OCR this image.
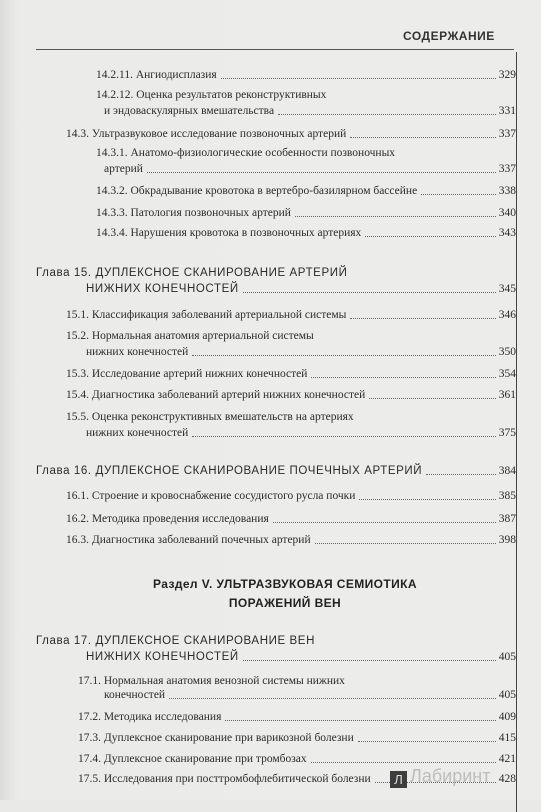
СОДЕРЖАНИЕ
14.2.11. Ангиодисплазия	329
14.2.12. Оценка результатов реконструктивных
и эндоваскулярных вмешательства	331
14.3. Ультразвуковое исследование позвоночных артерий	337
14.3.1. Анатомо-физиологические особенности позвоночных
артерий	337
14.3.2. Обкрадывание кровотока в вертебро-базилярном бассейне	338
14.3.3. Патология позвоночных артерий	340
14.3.4. Нарушения кровотока в позвоночных артериях	343
Глава 15. ДУПЛЕКСНОЕ СКАНИРОВАНИЕ АРТЕРИЙ
НИЖНИХ КОНЕЧНОСТЕЙ	345
15.1. Классификация заболеваний артериальной системы	346
15.2. Нормальная анатомия артериальной системы
нижних конечностей	350
15.3. Исследование артерий нижних конечностей	354
15.4. Диагностика заболеваний артерий нижних конечностей	361
15.5. Оценка реконструктивных вмешательств на артериях
нижних конечностей	375
Глава 16. ДУПЛЕКСНОЕ СКАНИРОВАНИЕ ПОЧЕЧНЫХ АРТЕРИЙ	384
16.1. Строение и кровоснабжение сосудистого русла почки	385
16.2. Методика проведения исследования	387
16.3. Диагностика заболеваний почечных артерий	398
Раздел V. УЛЬТРАЗВУКОВАЯ СЕМИОТИКА
ПОРАЖЕНИЙ ВЕН
Глава 17. ДУПЛЕКСНОЕ СКАНИРОВАНИЕ ВЕН
НИЖНИХ КОНЕЧНОСТЕЙ	405
17.1. Нормальная анатомия венозной системы нижних
конечностей	405
17.2. Методика исследования	409
17.3. Дуплексное сканирование при варикозной болезни	415
17.4. Дуплексное сканирование при тромбозах	421
17.5. Исследования при посттромбофлебитической болезни	428
Л Лабиринт
